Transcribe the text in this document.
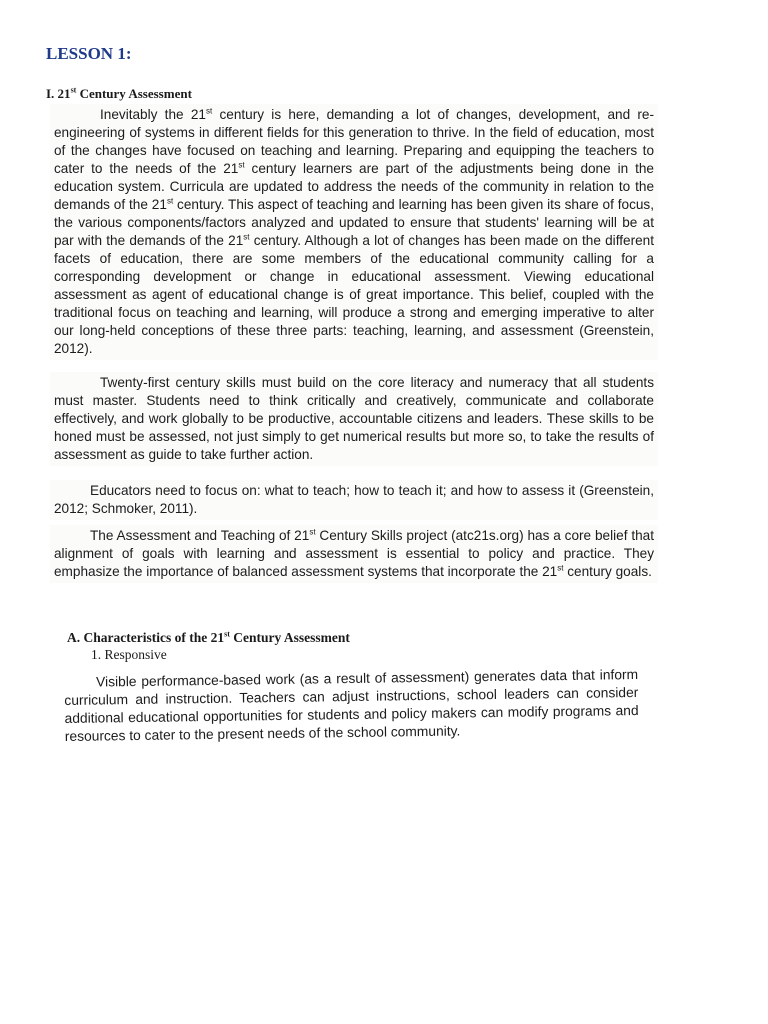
LESSON 1:
I. 21st Century Assessment

Inevitably the 21st century is here, demanding a lot of changes, development, and re-engineering of systems in different fields for this generation to thrive. In the field of education, most of the changes have focused on teaching and learning. Preparing and equipping the teachers to cater to the needs of the 21st century learners are part of the adjustments being done in the education system. Curricula are updated to address the needs of the community in relation to the demands of the 21st century. This aspect of teaching and learning has been given its share of focus, the various components/factors analyzed and updated to ensure that students' learning will be at par with the demands of the 21st century. Although a lot of changes has been made on the different facets of education, there are some members of the educational community calling for a corresponding development or change in educational assessment. Viewing educational assessment as agent of educational change is of great importance. This belief, coupled with the traditional focus on teaching and learning, will produce a strong and emerging imperative to alter our long-held conceptions of these three parts: teaching, learning, and assessment (Greenstein, 2012).

Twenty-first century skills must build on the core literacy and numeracy that all students must master. Students need to think critically and creatively, communicate and collaborate effectively, and work globally to be productive, accountable citizens and leaders. These skills to be honed must be assessed, not just simply to get numerical results but more so, to take the results of assessment as guide to take further action.

Educators need to focus on: what to teach; how to teach it; and how to assess it (Greenstein, 2012; Schmoker, 2011).

The Assessment and Teaching of 21st Century Skills project (atc21s.org) has a core belief that alignment of goals with learning and assessment is essential to policy and practice. They emphasize the importance of balanced assessment systems that incorporate the 21st century goals.

A. Characteristics of the 21st Century Assessment
1. Responsive

Visible performance-based work (as a result of assessment) generates data that inform curriculum and instruction. Teachers can adjust instructions, school leaders can consider additional educational opportunities for students and policy makers can modify programs and resources to cater to the present needs of the school community.
